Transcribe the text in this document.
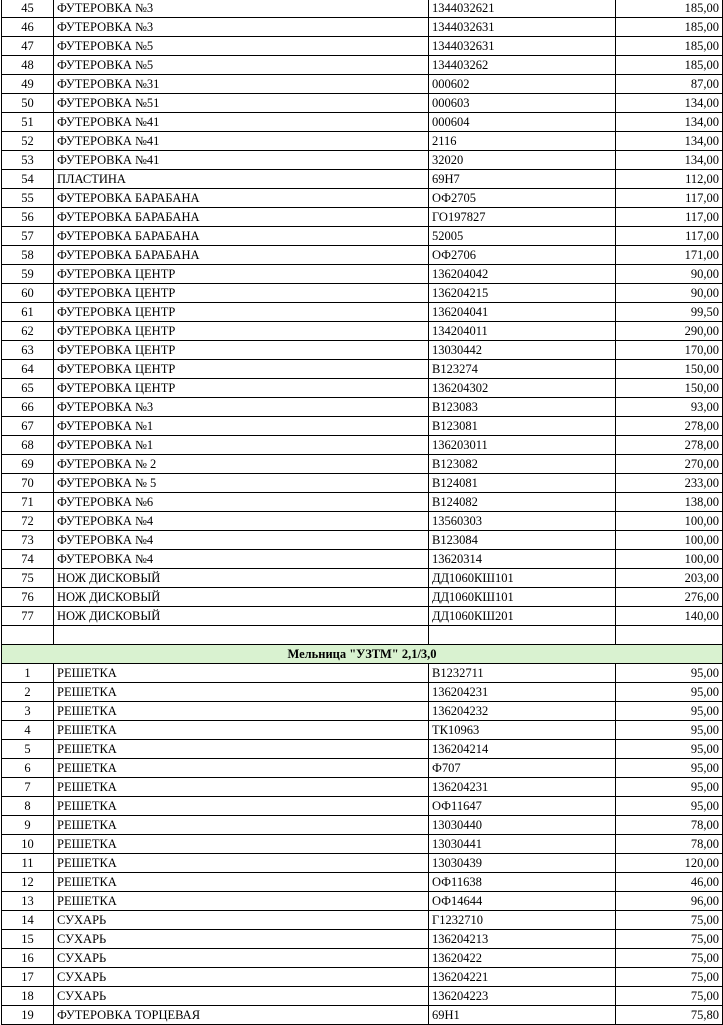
45	ФУТЕРОВКА №3	1344032621	185,00
46	ФУТЕРОВКА №3	1344032631	185,00
47	ФУТЕРОВКА №5	1344032631	185,00
48	ФУТЕРОВКА №5	134403262	185,00
49	ФУТЕРОВКА №31	000602	87,00
50	ФУТЕРОВКА №51	000603	134,00
51	ФУТЕРОВКА №41	000604	134,00
52	ФУТЕРОВКА №41	2116	134,00
53	ФУТЕРОВКА №41	32020	134,00
54	ПЛАСТИНА	69Н7	112,00
55	ФУТЕРОВКА БАРАБАНА	ОФ2705	117,00
56	ФУТЕРОВКА БАРАБАНА	ГО197827	117,00
57	ФУТЕРОВКА БАРАБАНА	52005	117,00
58	ФУТЕРОВКА БАРАБАНА	ОФ2706	171,00
59	ФУТЕРОВКА ЦЕНТР	136204042	90,00
60	ФУТЕРОВКА ЦЕНТР	136204215	90,00
61	ФУТЕРОВКА ЦЕНТР	136204041	99,50
62	ФУТЕРОВКА ЦЕНТР	134204011	290,00
63	ФУТЕРОВКА ЦЕНТР	13030442	170,00
64	ФУТЕРОВКА ЦЕНТР	В123274	150,00
65	ФУТЕРОВКА ЦЕНТР	136204302	150,00
66	ФУТЕРОВКА №3	В123083	93,00
67	ФУТЕРОВКА №1	В123081	278,00
68	ФУТЕРОВКА №1	136203011	278,00
69	ФУТЕРОВКА № 2	В123082	270,00
70	ФУТЕРОВКА № 5	В124081	233,00
71	ФУТЕРОВКА №6	В124082	138,00
72	ФУТЕРОВКА №4	13560303	100,00
73	ФУТЕРОВКА №4	В123084	100,00
74	ФУТЕРОВКА №4	13620314	100,00
75	НОЖ ДИСКОВЫЙ	ДД1060КШ101	203,00
76	НОЖ ДИСКОВЫЙ	ДД1060КШ101	276,00
77	НОЖ ДИСКОВЫЙ	ДД1060КШ201	140,00

Мельница "УЗТМ" 2,1/3,0			
1	РЕШЕТКА	В1232711	95,00
2	РЕШЕТКА	136204231	95,00
3	РЕШЕТКА	136204232	95,00
4	РЕШЕТКА	ТК10963	95,00
5	РЕШЕТКА	136204214	95,00
6	РЕШЕТКА	Ф707	95,00
7	РЕШЕТКА	136204231	95,00
8	РЕШЕТКА	ОФ11647	95,00
9	РЕШЕТКА	13030440	78,00
10	РЕШЕТКА	13030441	78,00
11	РЕШЕТКА	13030439	120,00
12	РЕШЕТКА	ОФ11638	46,00
13	РЕШЕТКА	ОФ14644	96,00
14	СУХАРЬ	Г1232710	75,00
15	СУХАРЬ	136204213	75,00
16	СУХАРЬ	13620422	75,00
17	СУХАРЬ	136204221	75,00
18	СУХАРЬ	136204223	75,00
19	ФУТЕРОВКА ТОРЦЕВАЯ	69Н1	75,80
